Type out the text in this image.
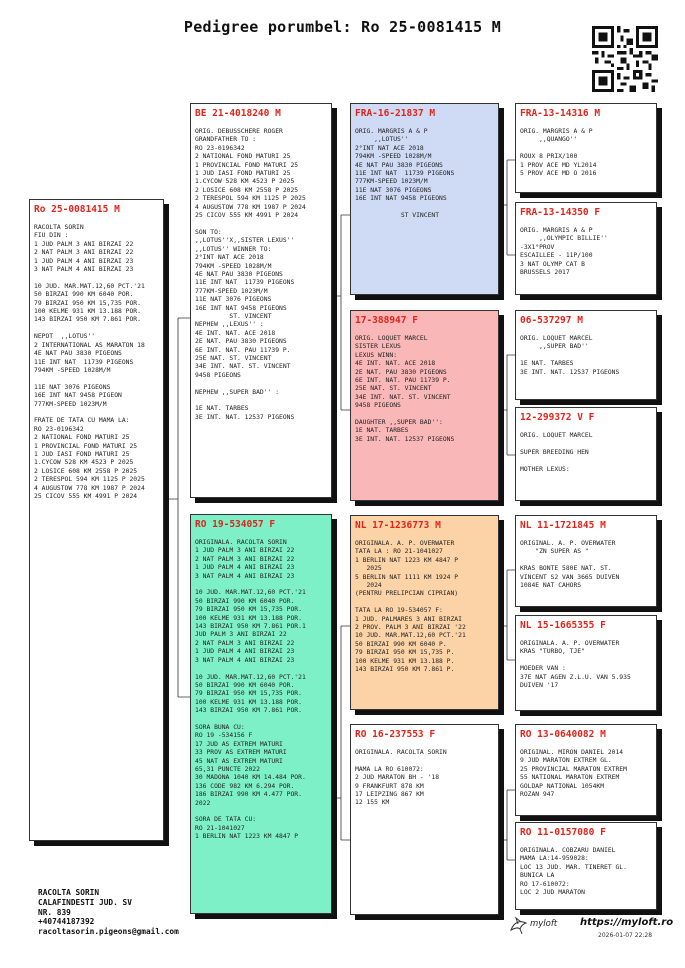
Pedigree porumbel: Ro 25-0081415 M
Ro 25-0081415 M
RACOLTA SORIN
FIU DIN :
1 JUD PALM 3 ANI BIRZAI 22
2 NAT PALM 3 ANI BIRZAI 22
1 JUD PALM 4 ANI BIRZAI 23
3 NAT PALM 4 ANI BIRZAI 23

10 JUD. MAR.MAT.12,60 PCT.'21
50 BIRZAI 990 KM 6040 POR.
79 BIRZAI 950 KM 15,735 POR.
100 KELME 931 KM 13.188 POR.
143 BIRZAI 950 KM 7.861 POR.

NEPOT  ,,LOTUS''
2 INTERNATIONAL AS MARATON 18
4E NAT PAU 3830 PIGEONS
11E INT NAT  11739 PIGEONS
794KM -SPEED 1028M/M

11E NAT 3076 PIGEONS
16E INT NAT 9458 PIGEON
777KM-SPEED 1023M/M

FRATE DE TATA CU MAMA LA:
RO 23-0196342
2 NATIONAL FOND MATURI 25
1 PROVINCIAL FOND MATURI 25
1 JUD IASI FOND MATURI 25
1.CYCOW 528 KM 4523 P 2025
2 LOSICE 608 KM 2558 P 2025
2 TERESPOL 594 KM 1125 P 2025
4 AUGUSTOW 778 KM 1987 P 2024
25 CICOV 555 KM 4991 P 2024
BE 21-4018240 M
ORIG. DEBUSSCHERE ROGER
GRANDFATHER TO :
RO 23-0196342
2 NATIONAL FOND MATURI 25
1 PROVINCIAL FOND MATURI 25
1 JUD IASI FOND MATURI 25
1.CYCOW 528 KM 4523 P 2025
2 LOSICE 608 KM 2558 P 2025
2 TERESPOL 594 KM 1125 P 2025
4 AUGUSTOW 778 KM 1987 P 2024
25 CICOV 555 KM 4991 P 2024

SON TO:
,,LOTUS''X,,SISTER LEXUS''
,,LOTUS'' WINNER TO:
2°INT NAT ACE 2018
794KM -SPEED 1028M/M
4E NAT PAU 3830 PIGEONS
11E INT NAT  11739 PIGEONS
777KM-SPEED 1023M/M
11E NAT 3076 PIGEONS
16E INT NAT 9458 PIGEONS
ST. VINCENT
NEPHEW ,,LEXUS'' :
4E INT. NAT. ACE 2018
2E NAT. PAU 3830 PIGEONS
6E INT. NAT. PAU 11739 P.
25E NAT. ST. VINCENT
34E INT. NAT. ST. VINCENT
9458 PIGEONS

NEPHEW ,,SUPER BAD'' :

1E NAT. TARBES
3E INT. NAT. 12537 PIGEONS
RO 19-534057 F
ORIGINALA. RACOLTA SORIN
1 JUD PALM 3 ANI BIRZAI 22
2 NAT PALM 3 ANI BIRZAI 22
1 JUD PALM 4 ANI BIRZAI 23
3 NAT PALM 4 ANI BIRZAI 23

10 JUD. MAR.MAT.12,60 PCT.'21
50 BIRZAI 990 KM 6040 POR.
79 BIRZAI 950 KM 15,735 POR.
100 KELME 931 KM 13.188 POR.
143 BIRZAI 950 KM 7.861 POR.1
JUD PALM 3 ANI BIRZAI 22
2 NAT PALM 3 ANI BIRZAI 22
1 JUD PALM 4 ANI BIRZAI 23
3 NAT PALM 4 ANI BIRZAI 23

10 JUD. MAR.MAT.12,60 PCT.'21
50 BIRZAI 990 KM 6040 POR.
79 BIRZAI 950 KM 15,735 POR.
100 KELME 931 KM 13.188 POR.
143 BIRZAI 950 KM 7.861 POR.

SORA BUNA CU:
RO 19 -534156 F
17 JUD AS EXTREM MATURI
33 PROV AS EXTREM MATURI
45 NAT AS EXTREM MATURI
65,31 PUNCTE 2022
30 MADONA 1040 KM 14.484 POR.
136 CODE 982 KM 6.294 POR.
186 BIRZAI 990 KM 4.477 POR.
2022

SORA DE TATA CU:
RO 21-1041027
1 BERLIN NAT 1223 KM 4847 P
FRA-16-21837 M
ORIG. MARGRIS A & P
,,LOTUS''
2°INT NAT ACE 2018
794KM -SPEED 1028M/M
4E NAT PAU 3830 PIGEONS
11E INT NAT  11739 PIGEONS
777KM-SPEED 1023M/M
11E NAT 3076 PIGEONS
16E INT NAT 9458 PIGEONS

ST VINCENT
17-388947 F
ORIG. LOQUET MARCEL
SISTER LEXUS
LEXUS WINN:
4E INT. NAT. ACE 2018
2E NAT. PAU 3830 PIGEONS
6E INT. NAT. PAU 11739 P.
25E NAT. ST. VINCENT
34E INT. NAT. ST. VINCENT
9458 PIGEONS

DAUGHTER ,,SUPER BAD'':
1E NAT. TARBES
3E INT. NAT. 12537 PIGEONS
NL 17-1236773 M
ORIGINALA. A. P. OVERWATER
TATA LA : RO 21-1041027
1 BERLIN NAT 1223 KM 4847 P
2025
5 BERLIN NAT 1111 KM 1924 P
2024
(PENTRU PRELIPCIAN CIPRIAN)

TATA LA RO 19-534057 F:
1 JUD. PALMARES 3 ANI BIRZAI
2 PROV. PALM 3 ANI BIRZAI '22
10 JUD. MAR.MAT.12,60 PCT.'21
50 BIRZAI 990 KM 6040 P.
79 BIRZAI 950 KM 15,735 P.
100 KELME 931 KM 13.188 P.
143 BIRZAI 950 KM 7.861 P.
RO 16-237553 F
ORIGINALA. RACOLTA SORIN

MAMA LA RO 610072:
2 JUD MARATON BH - '18
9 FRANKFURT 878 KM
17 LEIPZING 867 KM
12 155 KM
FRA-13-14316 M
ORIG. MARGRIS A & P
,,QUANGO''

ROUX 8 PRIX/100
1 PROV ACE MD YL2014
5 PROV ACE MD O 2016
FRA-13-14350 F
ORIG. MARGRIS A & P
,,OLYMPIC BILLIE''
-3X1°PROV
ESCAILLEE - 11P/100
3 NAT OLYMP CAT B
BRUSSELS 2017
06-537297 M
ORIG. LOQUET MARCEL
,,SUPER BAD''

1E NAT. TARBES
3E INT. NAT. 12537 PIGEONS
12-299372 V F
ORIG. LOQUET MARCEL

SUPER BREEDING HEN

MOTHER LEXUS:
NL 11-1721845 M
ORIGINAL. A. P. OVERWATER
"ZN SUPER AS "

KRAS BONTE 580E NAT. ST.
VINCENT S2 VAN 3665 DUIVEN
1084E NAT CAHORS
NL 15-1665355 F
ORIGINALA. A. P. OVERWATER
KRAS "TURBO, TJE"

MOEDER VAN :
37E NAT AGEN Z.L.U. VAN 5.935
DUIVEN '17
RO 13-0640082 M
ORIGINAL. MIRON DANIEL 2014
9 JUD MARATON EXTREM GL.
25 PROVINCIAL MARATON EXTREM
55 NATIONAL MARATON EXTREM
GOLDAP NATIONAL 1054KM
ROZAN 947
RO 11-0157080 F
ORIGINALA. COBZARU DANIEL
MAMA LA:14-959028:
LOC 13 JUD. MAR. TINERET GL.
BUNICA LA
RO 17-610072:
LOC 2 JUD MARATON
RACOLTA SORIN
CALAFINDESTI JUD. SV
NR. 839
+40744187392
racoltasorin.pigeons@gmail.com
myloft https://myloft.ro
2026-01-07 22:28
